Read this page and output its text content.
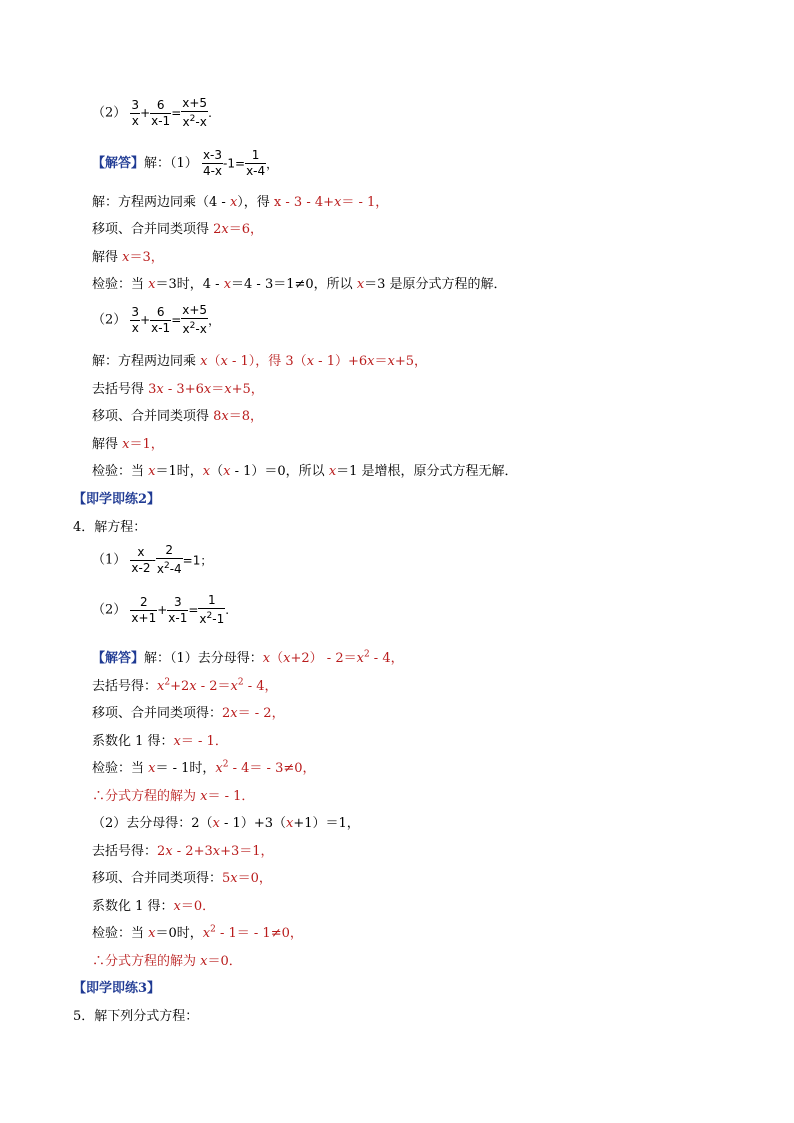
$(2) \frac{3}{x} + \frac{6}{x-1} = \frac{x+5}{x^2-x}$ .
【解答】解：$(1) \frac{x-3}{4-x} -1= \frac{1}{x-4}$ ，
解：方程两边同乘（4 - x），得 x - 3 - 4+x＝ - 1，
移项、合并同类项得 2x＝6，
解得 x＝3，
检验：当 x＝3时，4 - x＝4 - 3＝1≠0，所以 x＝3 是原分式方程的解．
$(2) \frac{3}{x} + \frac{6}{x-1} = \frac{x+5}{x^2-x}$ ，
解：方程两边同乘 x（x - 1），得 3（x - 1）+6x＝x+5，
去括号得 3x - 3+6x＝x+5，
移项、合并同类项得 8x＝8，
解得 x＝1，
检验：当 x＝1时，x（x - 1）＝0，所以 x＝1 是增根，原分式方程无解．
【即学即练2】
4．解方程：
$(1) \frac{x}{x-2} - \frac{2}{x^2-4} =1$；
$(2) \frac{2}{x+1} + \frac{3}{x-1} = \frac{1}{x^2-1}$ .
【解答】解：（1）去分母得：$x(x+2) - 2=x^2 - 4$，
去括号得：$x^2+2x - 2=x^2 - 4$，
移项、合并同类项得：2x＝ - 2，
系数化 1 得：x＝ - 1．
检验：当 x＝ - 1时，$x^2 - 4= - 3\ne 0$，
∴分式方程的解为 x＝ - 1．
（2）去分母得：2（x - 1）+3（x+1）＝1，
去括号得：2x - 2+3x+3＝1，
移项、合并同类项得：5x＝0，
系数化 1 得：x＝0．
检验：当 x＝0时，$x^2 - 1= - 1\ne 0$，
∴分式方程的解为 x＝0．
【即学即练3】
5．解下列分式方程：
